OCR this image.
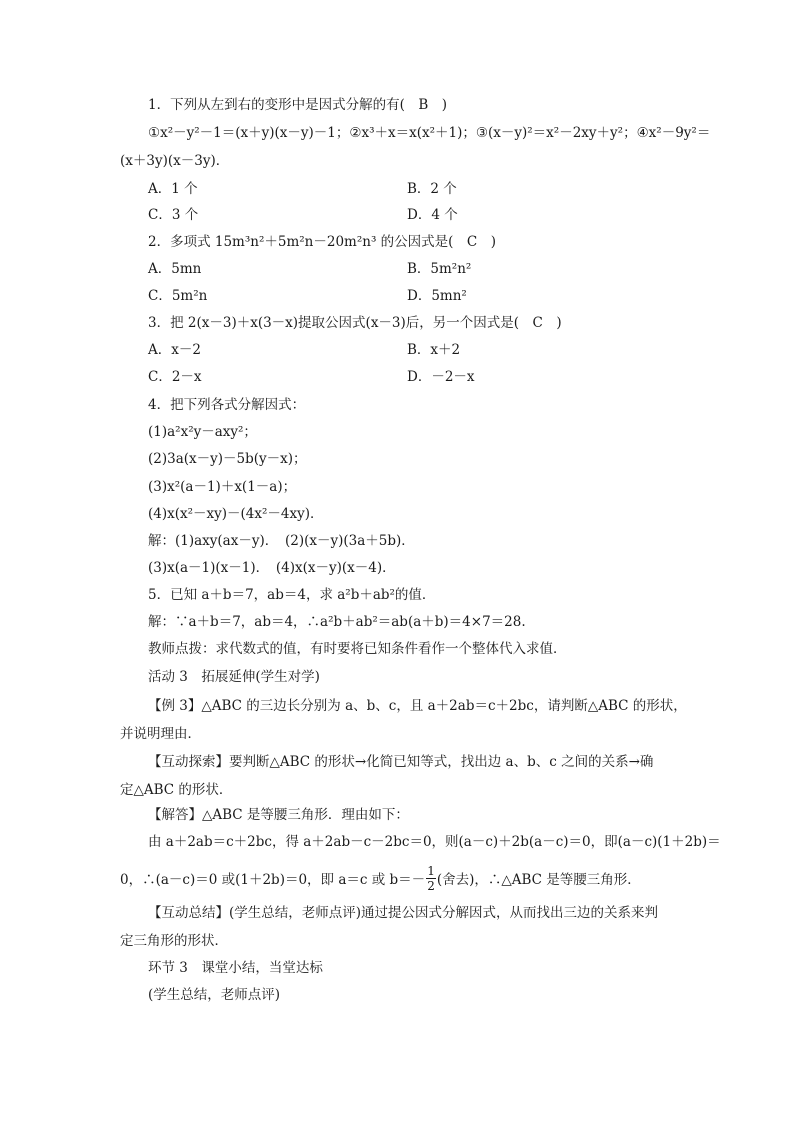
1．下列从左到右的变形中是因式分解的有(　B　)
①x²－y²－1＝(x＋y)(x－y)－1；②x³＋x＝x(x²＋1)；③(x－y)²＝x²－2xy＋y²；④x²－9y²＝
(x＋3y)(x－3y)．
A．1 个	B．2 个
C．3 个	D．4 个
2．多项式 15m³n²＋5m²n－20m²n³ 的公因式是(　C　)
A．5mn	B．5m²n²
C．5m²n	D．5mn²
3．把 2(x－3)＋x(3－x)提取公因式(x－3)后，另一个因式是(　C　)
A．x－2	B．x＋2
C．2－x	D．－2－x
4．把下列各式分解因式：
(1)a²x²y－axy²；
(2)3a(x－y)－5b(y－x)；
(3)x²(a－1)＋x(1－a)；
(4)x(x²－xy)－(4x²－4xy)．
解：(1)axy(ax－y)．　(2)(x－y)(3a＋5b)．
(3)x(a－1)(x－1)．　(4)x(x－y)(x－4)．
5．已知 a＋b＝7，ab＝4，求 a²b＋ab²的值．
解：∵a＋b＝7，ab＝4，∴a²b＋ab²＝ab(a＋b)＝4×7＝28.
教师点拨：求代数式的值，有时要将已知条件看作一个整体代入求值．
活动 3　拓展延伸(学生对学)
【例 3】△ABC 的三边长分别为 a、b、c，且 a＋2ab＝c＋2bc，请判断△ABC 的形状，
并说明理由．
【互动探索】要判断△ABC 的形状→化简已知等式，找出边 a、b、c 之间的关系→确
定△ABC 的形状．
【解答】△ABC 是等腰三角形．理由如下：
由 a＋2ab＝c＋2bc，得 a＋2ab－c－2bc＝0，则(a－c)＋2b(a－c)＝0，即(a－c)(1＋2b)＝
0，∴(a－c)＝0 或(1＋2b)＝0，即 a＝c 或 $b=- \frac{1}{2}$ (舍去)，∴△ABC 是等腰三角形．
【互动总结】(学生总结，老师点评)通过提公因式分解因式，从而找出三边的关系来判
定三角形的形状．
环节 3　课堂小结，当堂达标
(学生总结，老师点评)
